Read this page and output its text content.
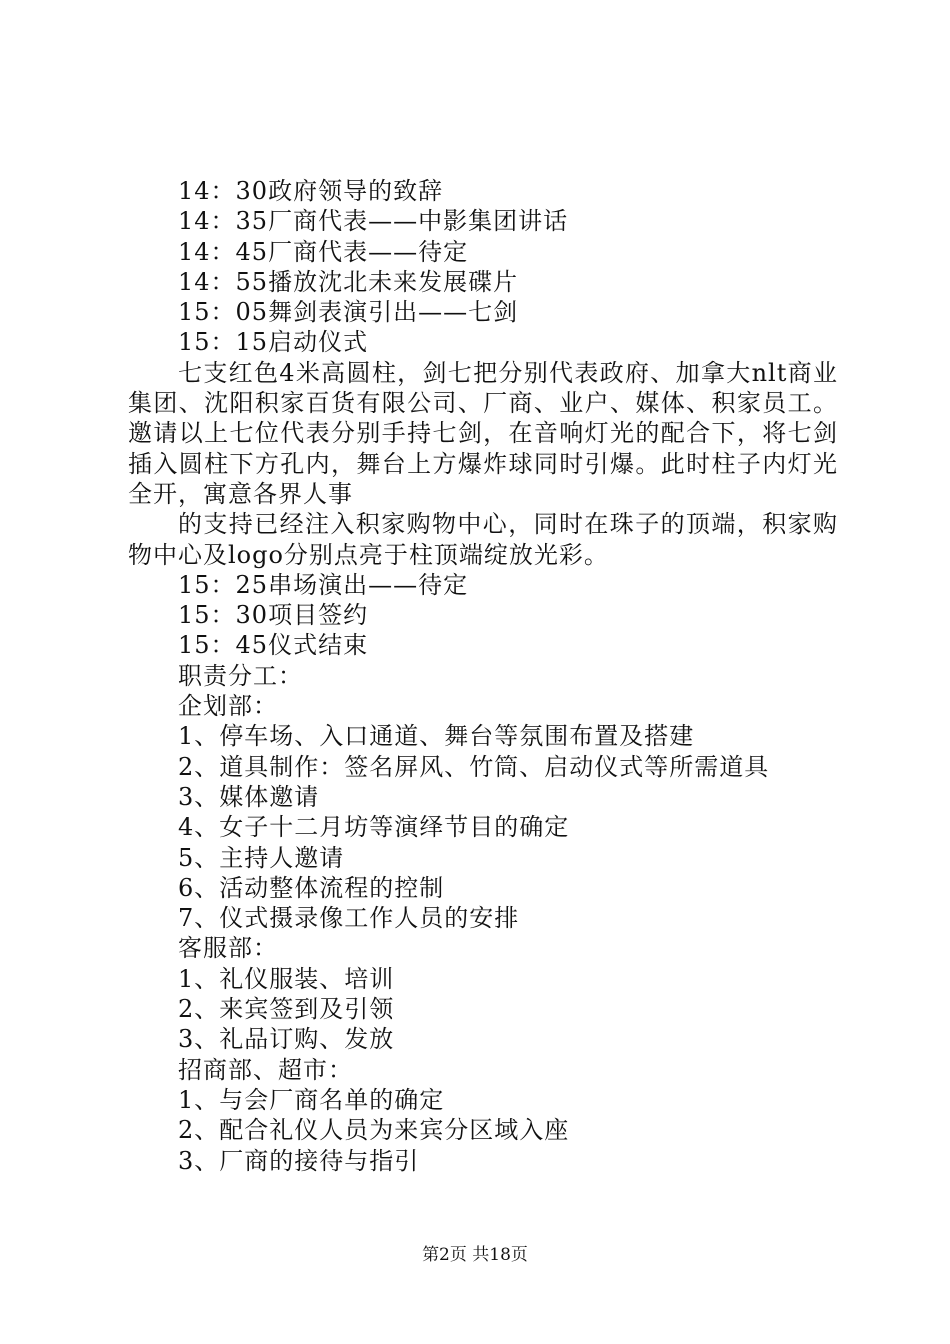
14：30政府领导的致辞
14：35厂商代表——中影集团讲话
14：45厂商代表——待定
14：55播放沈北未来发展碟片
15：05舞剑表演引出——七剑
15：15启动仪式
七支红色4米高圆柱，剑七把分别代表政府、加拿大nlt商业集团、沈阳积家百货有限公司、厂商、业户、媒体、积家员工。邀请以上七位代表分别手持七剑，在音响灯光的配合下，将七剑插入圆柱下方孔内，舞台上方爆炸球同时引爆。此时柱子内灯光全开，寓意各界人事
的支持已经注入积家购物中心，同时在珠子的顶端，积家购物中心及logo分别点亮于柱顶端绽放光彩。
15：25串场演出——待定
15：30项目签约
15：45仪式结束
职责分工：
企划部：
1、停车场、入口通道、舞台等氛围布置及搭建
2、道具制作：签名屏风、竹筒、启动仪式等所需道具
3、媒体邀请
4、女子十二月坊等演绎节目的确定
5、主持人邀请
6、活动整体流程的控制
7、仪式摄录像工作人员的安排
客服部：
1、礼仪服装、培训
2、来宾签到及引领
3、礼品订购、发放
招商部、超市：
1、与会厂商名单的确定
2、配合礼仪人员为来宾分区域入座
3、厂商的接待与指引
第2页 共18页
